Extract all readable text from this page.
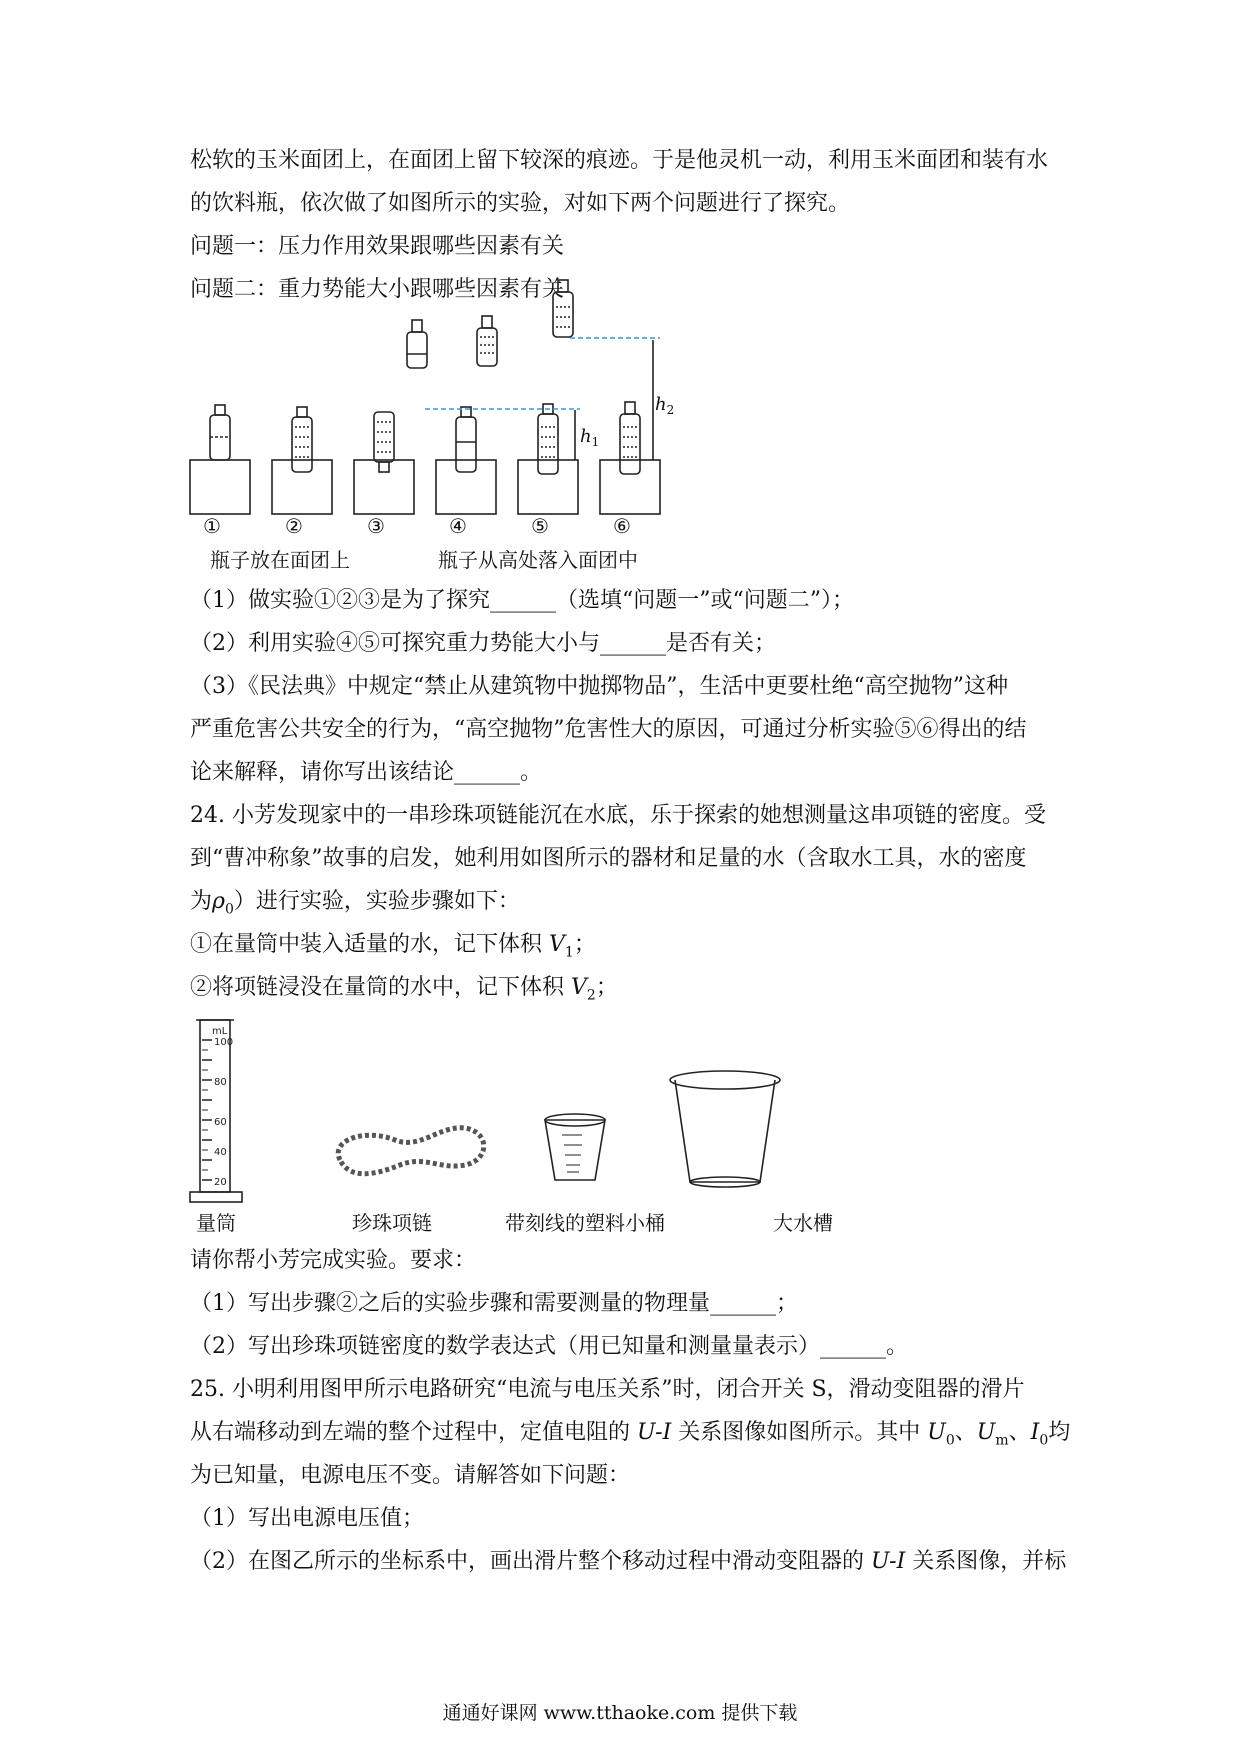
松软的玉米面团上，在面团上留下较深的痕迹。于是他灵机一动，利用玉米面团和装有水
的饮料瓶，依次做了如图所示的实验，对如下两个问题进行了探究。
问题一：压力作用效果跟哪些因素有关
问题二：重力势能大小跟哪些因素有关
$h_1$
$h_2$
①	②	③	④	⑤	⑥
瓶子放在面团上	瓶子从高处落入面团中
（1）做实验①②③是为了探究______（选填“问题一”或“问题二”）；
（2）利用实验④⑤可探究重力势能大小与______是否有关；
（3）《民法典》中规定“禁止从建筑物中抛掷物品”，生活中更要杜绝“高空抛物”这种
严重危害公共安全的行为，“高空抛物”危害性大的原因，可通过分析实验⑤⑥得出的结
论来解释，请你写出该结论______。
24. 小芳发现家中的一串珍珠项链能沉在水底，乐于探索的她想测量这串项链的密度。受
到“曹冲称象”故事的启发，她利用如图所示的器材和足量的水（含取水工具，水的密度
为$\rho_0$）进行实验，实验步骤如下：
①在量筒中装入适量的水，记下体积 $V_1$；
②将项链浸没在量筒的水中，记下体积 $V_2$；
mL
100
80
60
40
20
量筒	珍珠项链	带刻线的塑料小桶	大水槽
请你帮小芳完成实验。要求：
（1）写出步骤②之后的实验步骤和需要测量的物理量______；
（2）写出珍珠项链密度的数学表达式（用已知量和测量量表示）______。
25. 小明利用图甲所示电路研究“电流与电压关系”时，闭合开关 S，滑动变阻器的滑片
从右端移动到左端的整个过程中，定值电阻的 U-I 关系图像如图所示。其中 $U_0$、$U_m$、$I_0$均
为已知量，电源电压不变。请解答如下问题：
（1）写出电源电压值；
（2）在图乙所示的坐标系中，画出滑片整个移动过程中滑动变阻器的 U-I 关系图像，并标
通通好课网 www.tthaoke.com 提供下载
